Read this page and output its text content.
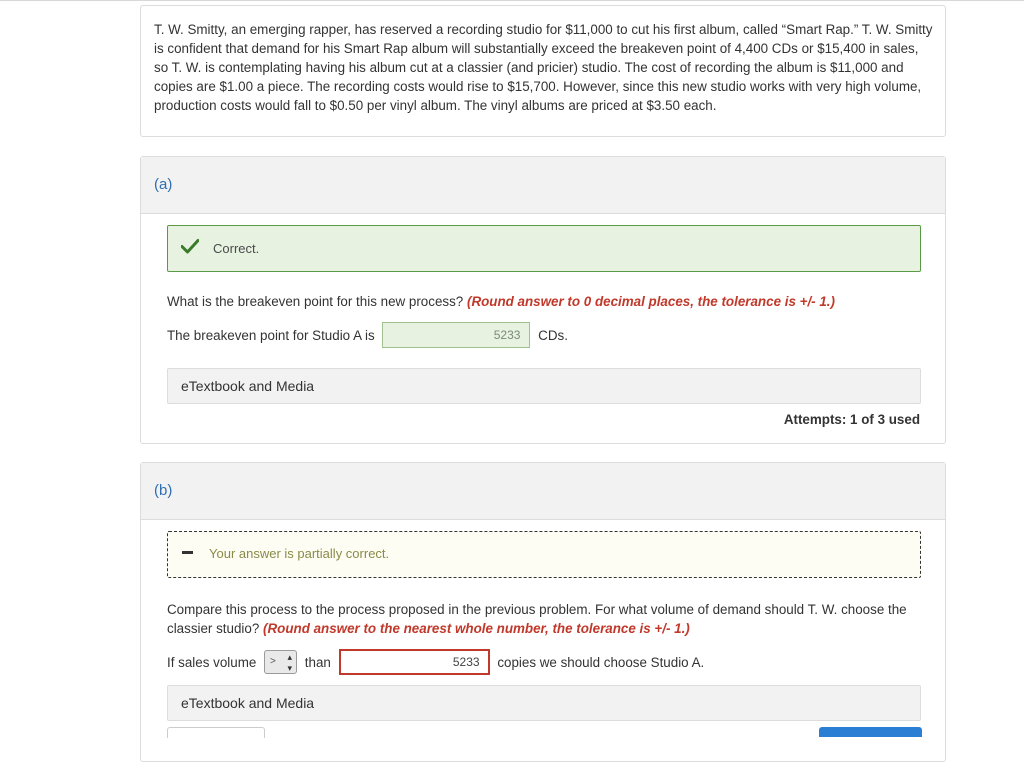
T. W. Smitty, an emerging rapper, has reserved a recording studio for $11,000 to cut his first album, called “Smart Rap.” T. W. Smitty is confident that demand for his Smart Rap album will substantially exceed the breakeven point of 4,400 CDs or $15,400 in sales, so T. W. is contemplating having his album cut at a classier (and pricier) studio. The cost of recording the album is $11,000 and copies are $1.00 a piece. The recording costs would rise to $15,700. However, since this new studio works with very high volume, production costs would fall to $0.50 per vinyl album. The vinyl albums are priced at $3.50 each.
(a)
Correct.
What is the breakeven point for this new process? (Round answer to 0 decimal places, the tolerance is +/- 1.)
The breakeven point for Studio A is	5233 CDs.
eTextbook and Media
Attempts: 1 of 3 used
(b)
Your answer is partially correct.
Compare this process to the process proposed in the previous problem. For what volume of demand should T. W. choose the classier studio? (Round answer to the nearest whole number, the tolerance is +/- 1.)
If sales volume > ▴
▾ than	5233 copies we should choose Studio A.
eTextbook and Media
